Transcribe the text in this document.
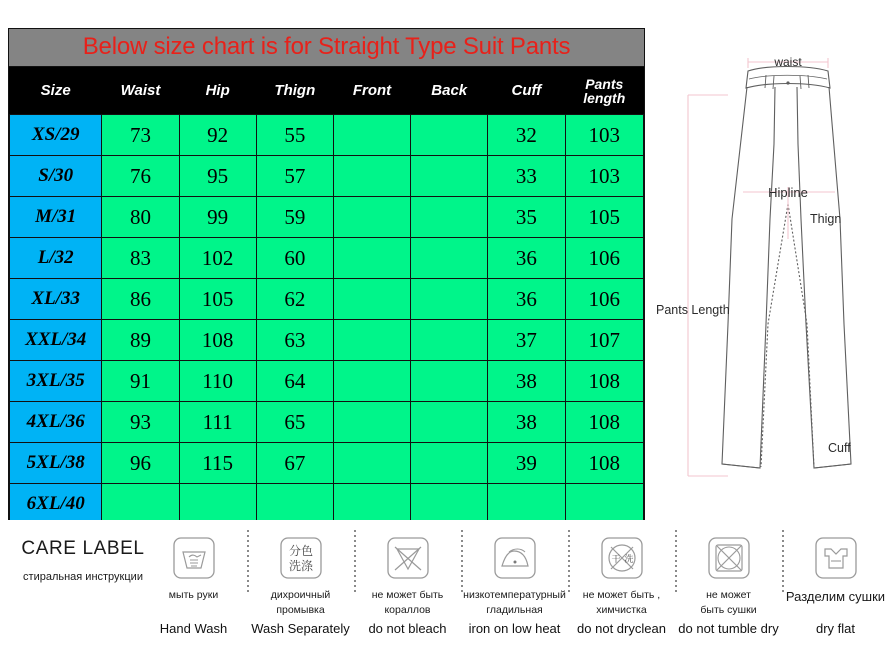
Below size chart is for Straight Type Suit Pants
Size	Waist	Hip	Thign	Front	Back	Cuff	Pants length
XS/29	73	92	55			32	103
S/30	76	95	57			33	103
M/31	80	99	59			35	105
L/32	83	102	60			36	106
XL/33	86	105	62			36	106
XXL/34	89	108	63			37	107
3XL/35	91	110	64			38	108
4XL/36	93	111	65			38	108
5XL/38	96	115	67			39	108
6XL/40							
waist
Hipline
Thign
Pants Length
Cuff
CARE LABEL
стиральная инструкции
мыть руки
Hand Wash
分色
洗涤
дихроичный
промывка
Wash Separately
не может быть
кораллов
do not bleach
низкотемпературный
гладильная
iron on low heat
干 洗
не может быть ,
химчистка
do not dryclean
не может
быть сушки
do not tumble dry
Разделим сушки
dry flat
